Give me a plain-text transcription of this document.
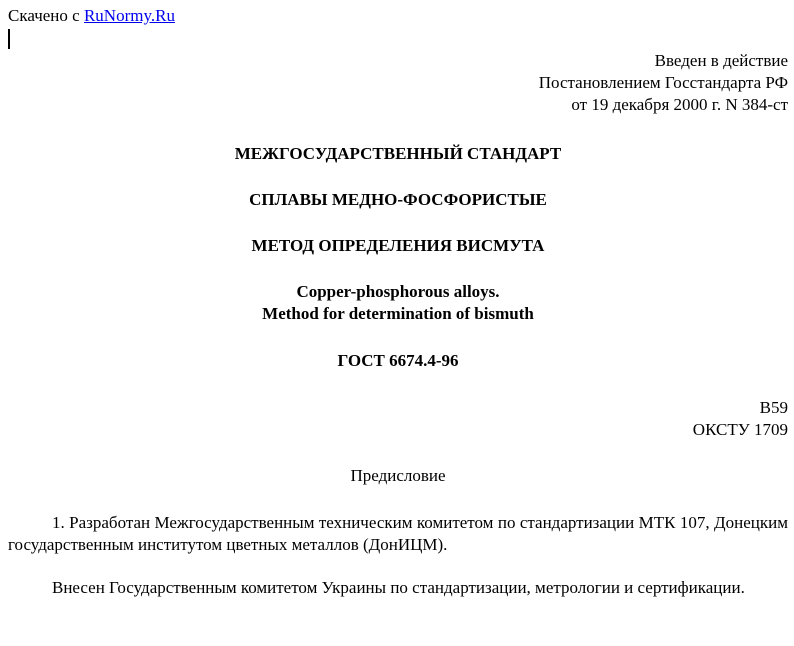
Скачено с RuNormy.Ru
Введен в действие
Постановлением Госстандарта РФ
от 19 декабря 2000 г. N 384-ст
МЕЖГОСУДАРСТВЕННЫЙ СТАНДАРТ
СПЛАВЫ МЕДНО-ФОСФОРИСТЫЕ
МЕТОД ОПРЕДЕЛЕНИЯ ВИСМУТА
Copper-phosphorous alloys.
Method for determination of bismuth
ГОСТ 6674.4-96
В59
ОКСТУ 1709
Предисловие
1. Разработан Межгосударственным техническим комитетом по стандартизации МТК 107, Донецким государственным институтом цветных металлов (ДонИЦМ).
Внесен Государственным комитетом Украины по стандартизации, метрологии и сертификации.
